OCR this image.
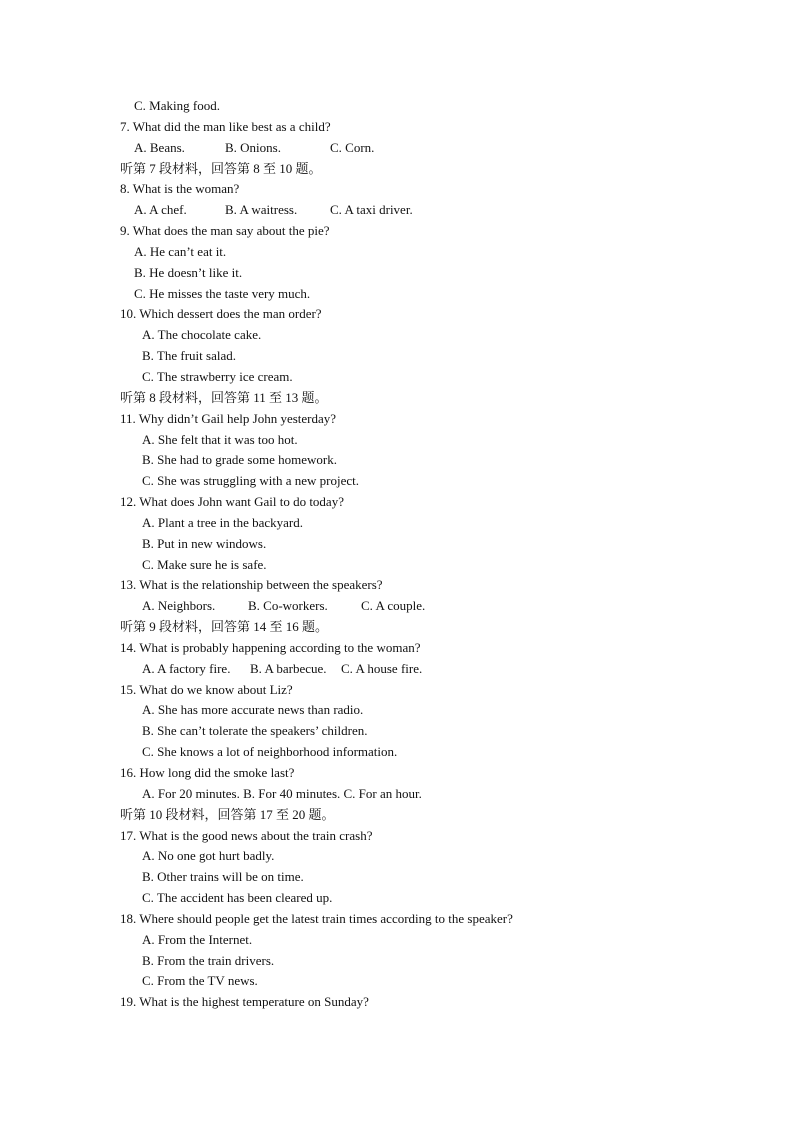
C. Making food.
7. What did the man like best as a child?
A. Beans.	B. Onions.	C. Corn.
听第 7 段材料，回答第 8 至 10 题。
8. What is the woman?
A. A chef.	B. A waitress.	C. A taxi driver.
9. What does the man say about the pie?
A. He can’t eat it.
B. He doesn’t like it.
C. He misses the taste very much.
10. Which dessert does the man order?
A. The chocolate cake.
B. The fruit salad.
C. The strawberry ice cream.
听第 8 段材料，回答第 11 至 13 题。
11. Why didn’t Gail help John yesterday?
A. She felt that it was too hot.
B. She had to grade some homework.
C. She was struggling with a new project.
12. What does John want Gail to do today?
A. Plant a tree in the backyard.
B. Put in new windows.
C. Make sure he is safe.
13. What is the relationship between the speakers?
A. Neighbors.	B. Co-workers.	C. A couple.
听第 9 段材料，回答第 14 至 16 题。
14. What is probably happening according to the woman?
A. A factory fire. B. A barbecue. C. A house fire.
15. What do we know about Liz?
A. She has more accurate news than radio.
B. She can’t tolerate the speakers’ children.
C. She knows a lot of neighborhood information.
16. How long did the smoke last?
A. For 20 minutes. B. For 40 minutes. C. For an hour.
听第 10 段材料，回答第 17 至 20 题。
17. What is the good news about the train crash?
A. No one got hurt badly.
B. Other trains will be on time.
C. The accident has been cleared up.
18. Where should people get the latest train times according to the speaker?
A. From the Internet.
B. From the train drivers.
C. From the TV news.
19. What is the highest temperature on Sunday?
